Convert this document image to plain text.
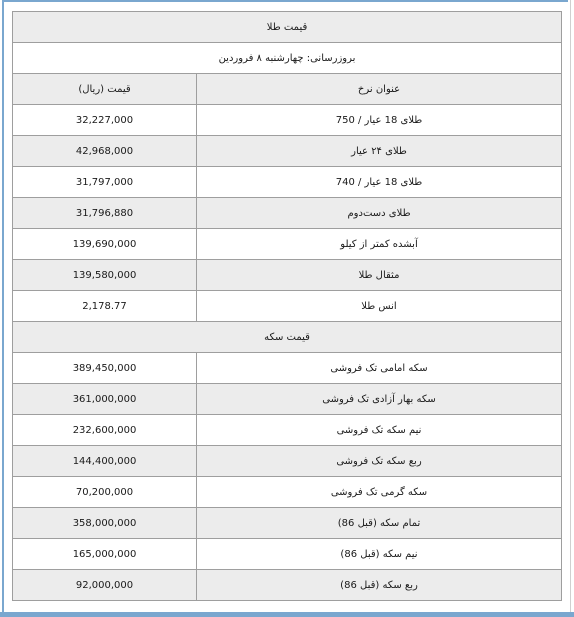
قیمت طلا	
بروزرسانی: چهارشنبه ۸ فروردین	
قیمت (ریال)	عنوان نرخ
32,227,000	طلای 18 عیار / 750
42,968,000	طلای ۲۴ عیار
31,797,000	طلای 18 عیار / 740
31,796,880	طلای دست‌دوم
139,690,000	آبشده کمتر از کیلو
139,580,000	مثقال طلا
2,178.77	انس طلا
قیمت سکه	
389,450,000	سکه امامی تک فروشی
361,000,000	سکه بهار آزادی تک فروشی
232,600,000	نیم سکه تک فروشی
144,400,000	ربع سکه تک فروشی
70,200,000	سکه گرمی تک فروشی
358,000,000	تمام سکه (قبل 86)
165,000,000	نیم سکه (قبل 86)
92,000,000	ربع سکه (قبل 86)
